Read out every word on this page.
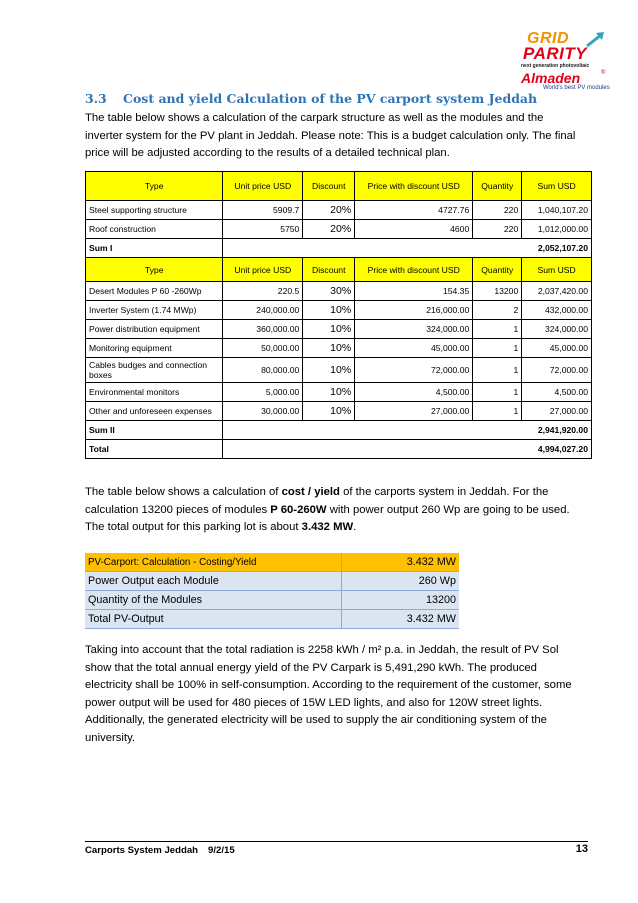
GRID
PARITY
next generation photovoltaic
Almaden	®
World's best PV modules
3.3 Cost and yield Calculation of the PV carport system Jeddah
The table below shows a calculation of the carpark structure as well as the modules and the inverter system for the PV plant in Jeddah. Please note: This is a budget calculation only. The final price will be adjusted according to the results of a detailed technical plan.
Type	Unit price USD	Discount	Price with discount USD	Quantity	Sum USD
Steel supporting structure	5909.7	20%	4727.76	220	1,040,107.20
Roof construction	5750	20%	4600	220	1,012,000.00
Sum I	2,052,107.20				
Type	Unit price USD	Discount	Price with discount USD	Quantity	Sum USD
Desert Modules P 60 -260Wp	220.5	30%	154.35	13200	2,037,420.00
Inverter System (1.74 MWp)	240,000.00	10%	216,000.00	2	432,000.00
Power distribution equipment	360,000.00	10%	324,000.00	1	324,000.00
Monitoring equipment	50,000.00	10%	45,000.00	1	45,000.00
Cables budges and connection boxes	80,000.00	10%	72,000.00	1	72,000.00
Environmental monitors	5,000.00	10%	4,500.00	1	4,500.00
Other and unforeseen expenses	30,000.00	10%	27,000.00	1	27,000.00
Sum II	2,941,920.00				
Total	4,994,027.20				
The table below shows a calculation of cost / yield of the carports system in Jeddah. For the calculation 13200 pieces of modules P 60-260W with power output 260 Wp are going to be used. The total output for this parking lot is about 3.432 MW.
PV-Carport: Calculation - Costing/Yield	3.432 MW
Power Output each Module	260 Wp
Quantity of the Modules	13200
Total PV-Output	3.432 MW
Taking into account that the total radiation is 2258 kWh / m² p.a. in Jeddah, the result of PV Sol show that the total annual energy yield of the PV Carpark is 5,491,290 kWh. The produced electricity shall be 100% in self-consumption. According to the requirement of the customer, some power output will be used for 480 pieces of 15W LED lights, and also for 120W street lights. Additionally, the generated electricity will be used to supply the air conditioning system of the university.
Carports System Jeddah 9/2/15	13
